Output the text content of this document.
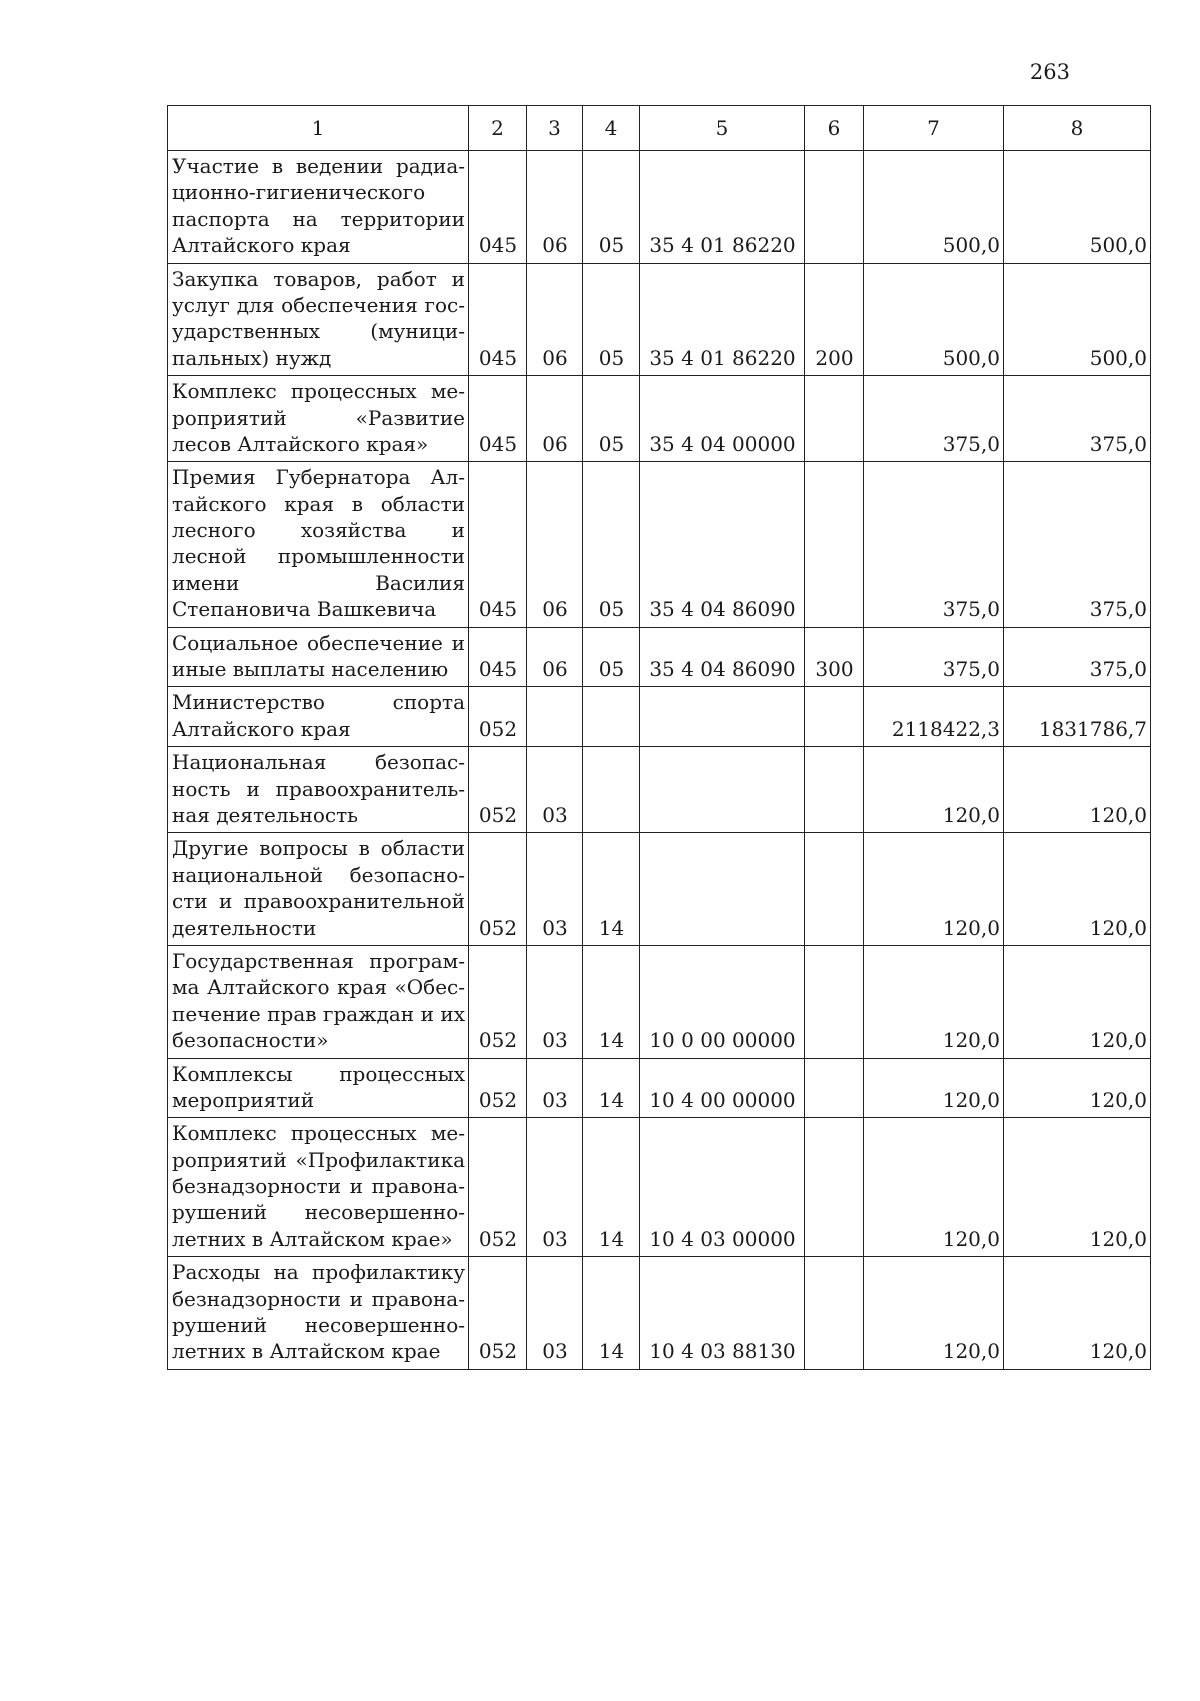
263
1	2	3	4	5	6	7	8
Участие в ведении радиа-ционно-гигиенического паспорта на территории Алтайского края	045	06	05	35 4 01 86220		500,0	500,0
Закупка товаров, работ и услуг для обеспечения гос-ударственных (муници-пальных) нужд	045	06	05	35 4 01 86220	200	500,0	500,0
Комплекс процессных ме-роприятий «Развитие лесов Алтайского края»	045	06	05	35 4 04 00000		375,0	375,0
Премия Губернатора Ал-тайского края в области лесного хозяйства и лесной промышленности имени Василия Степановича Вашкевича	045	06	05	35 4 04 86090		375,0	375,0
Социальное обеспечение и иные выплаты населению	045	06	05	35 4 04 86090	300	375,0	375,0
Министерство спорта Алтайского края	052					2118422,3	1831786,7
Национальная безопас-ность и правоохранитель-ная деятельность	052	03				120,0	120,0
Другие вопросы в области национальной безопасно-сти и правоохранительной деятельности	052	03	14			120,0	120,0
Государственная програм-ма Алтайского края «Обес-печение прав граждан и их безопасности»	052	03	14	10 0 00 00000		120,0	120,0
Комплексы процессных мероприятий	052	03	14	10 4 00 00000		120,0	120,0
Комплекс процессных ме-роприятий «Профилактика безнадзорности и правона-рушений несовершенно-летних в Алтайском крае»	052	03	14	10 4 03 00000		120,0	120,0
Расходы на профилактику безнадзорности и правона-рушений несовершенно-летних в Алтайском крае	052	03	14	10 4 03 88130		120,0	120,0
